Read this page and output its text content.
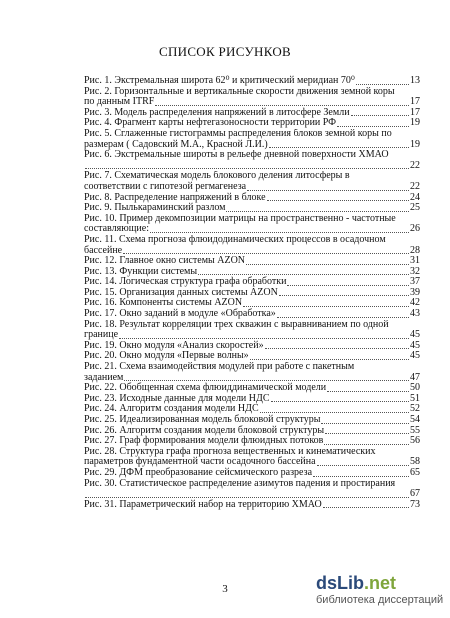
СПИСОК РИСУНКОВ
Рис. 1. Экстремальная широта 62⁰ и критический меридиан 70⁰	13
Рис. 2. Горизонтальные и вертикальные скорости движения земной коры
по данным ITRF	17
Рис. 3. Модель распределения напряжений в литосфере Земли	17
Рис. 4. Фрагмент карты нефтегазоносности территории РФ	19
Рис. 5. Сглаженные гистограммы распределения блоков земной коры по
размерам ( Садовский М.А., Красной Л.И.)	19
Рис. 6. Экстремальные широты в рельефе дневной поверхности ХМАО
22
Рис. 7. Схематическая модель блокового деления литосферы в
соответствии с гипотезой регмагенеза	22
Рис. 8. Распределение напряжений в блоке	24
Рис. 9. Пылькараминский разлом	25
Рис. 10. Пример декомпозиции матрицы на пространственно - частотные
составляющие:	26
Рис. 11. Схема прогноза флюидодинамических процессов в осадочном
бассейне	28
Рис. 12. Главное окно системы AZON	31
Рис. 13. Функции системы	32
Рис. 14. Логическая структура графа обработки	37
Рис. 15. Организация данных системы AZON	39
Рис. 16. Компоненты системы AZON	42
Рис. 17. Окно заданий в модуле «Обработка»	43
Рис. 18. Результат корреляции трех скважин с выравниванием по одной
границе	45
Рис. 19. Окно модуля «Анализ скоростей»	45
Рис. 20. Окно модуля «Первые волны»	45
Рис. 21. Схема взаимодействия модулей при работе с пакетным
заданием	47
Рис. 22. Обобщенная схема флюиддинамической модели	50
Рис. 23. Исходные данные для модели НДС	51
Рис. 24. Алгоритм создания модели НДС	52
Рис. 25. Идеализированная модель блоковой структуры	54
Рис. 26. Алгоритм создания модели блоковой структуры	55
Рис. 27. Граф формирования модели флюидных потоков	56
Рис. 28. Структура графа прогноза вещественных и кинематических
параметров фундаментной части осадочного бассейна	58
Рис. 29. ДФМ преобразование сейсмического разреза	65
Рис. 30. Статистическое распределение азимутов падения и простирания
67
Рис. 31. Параметрический набор на территорию ХМАО	73
3	dsLib.net
библиотека диссертаций
